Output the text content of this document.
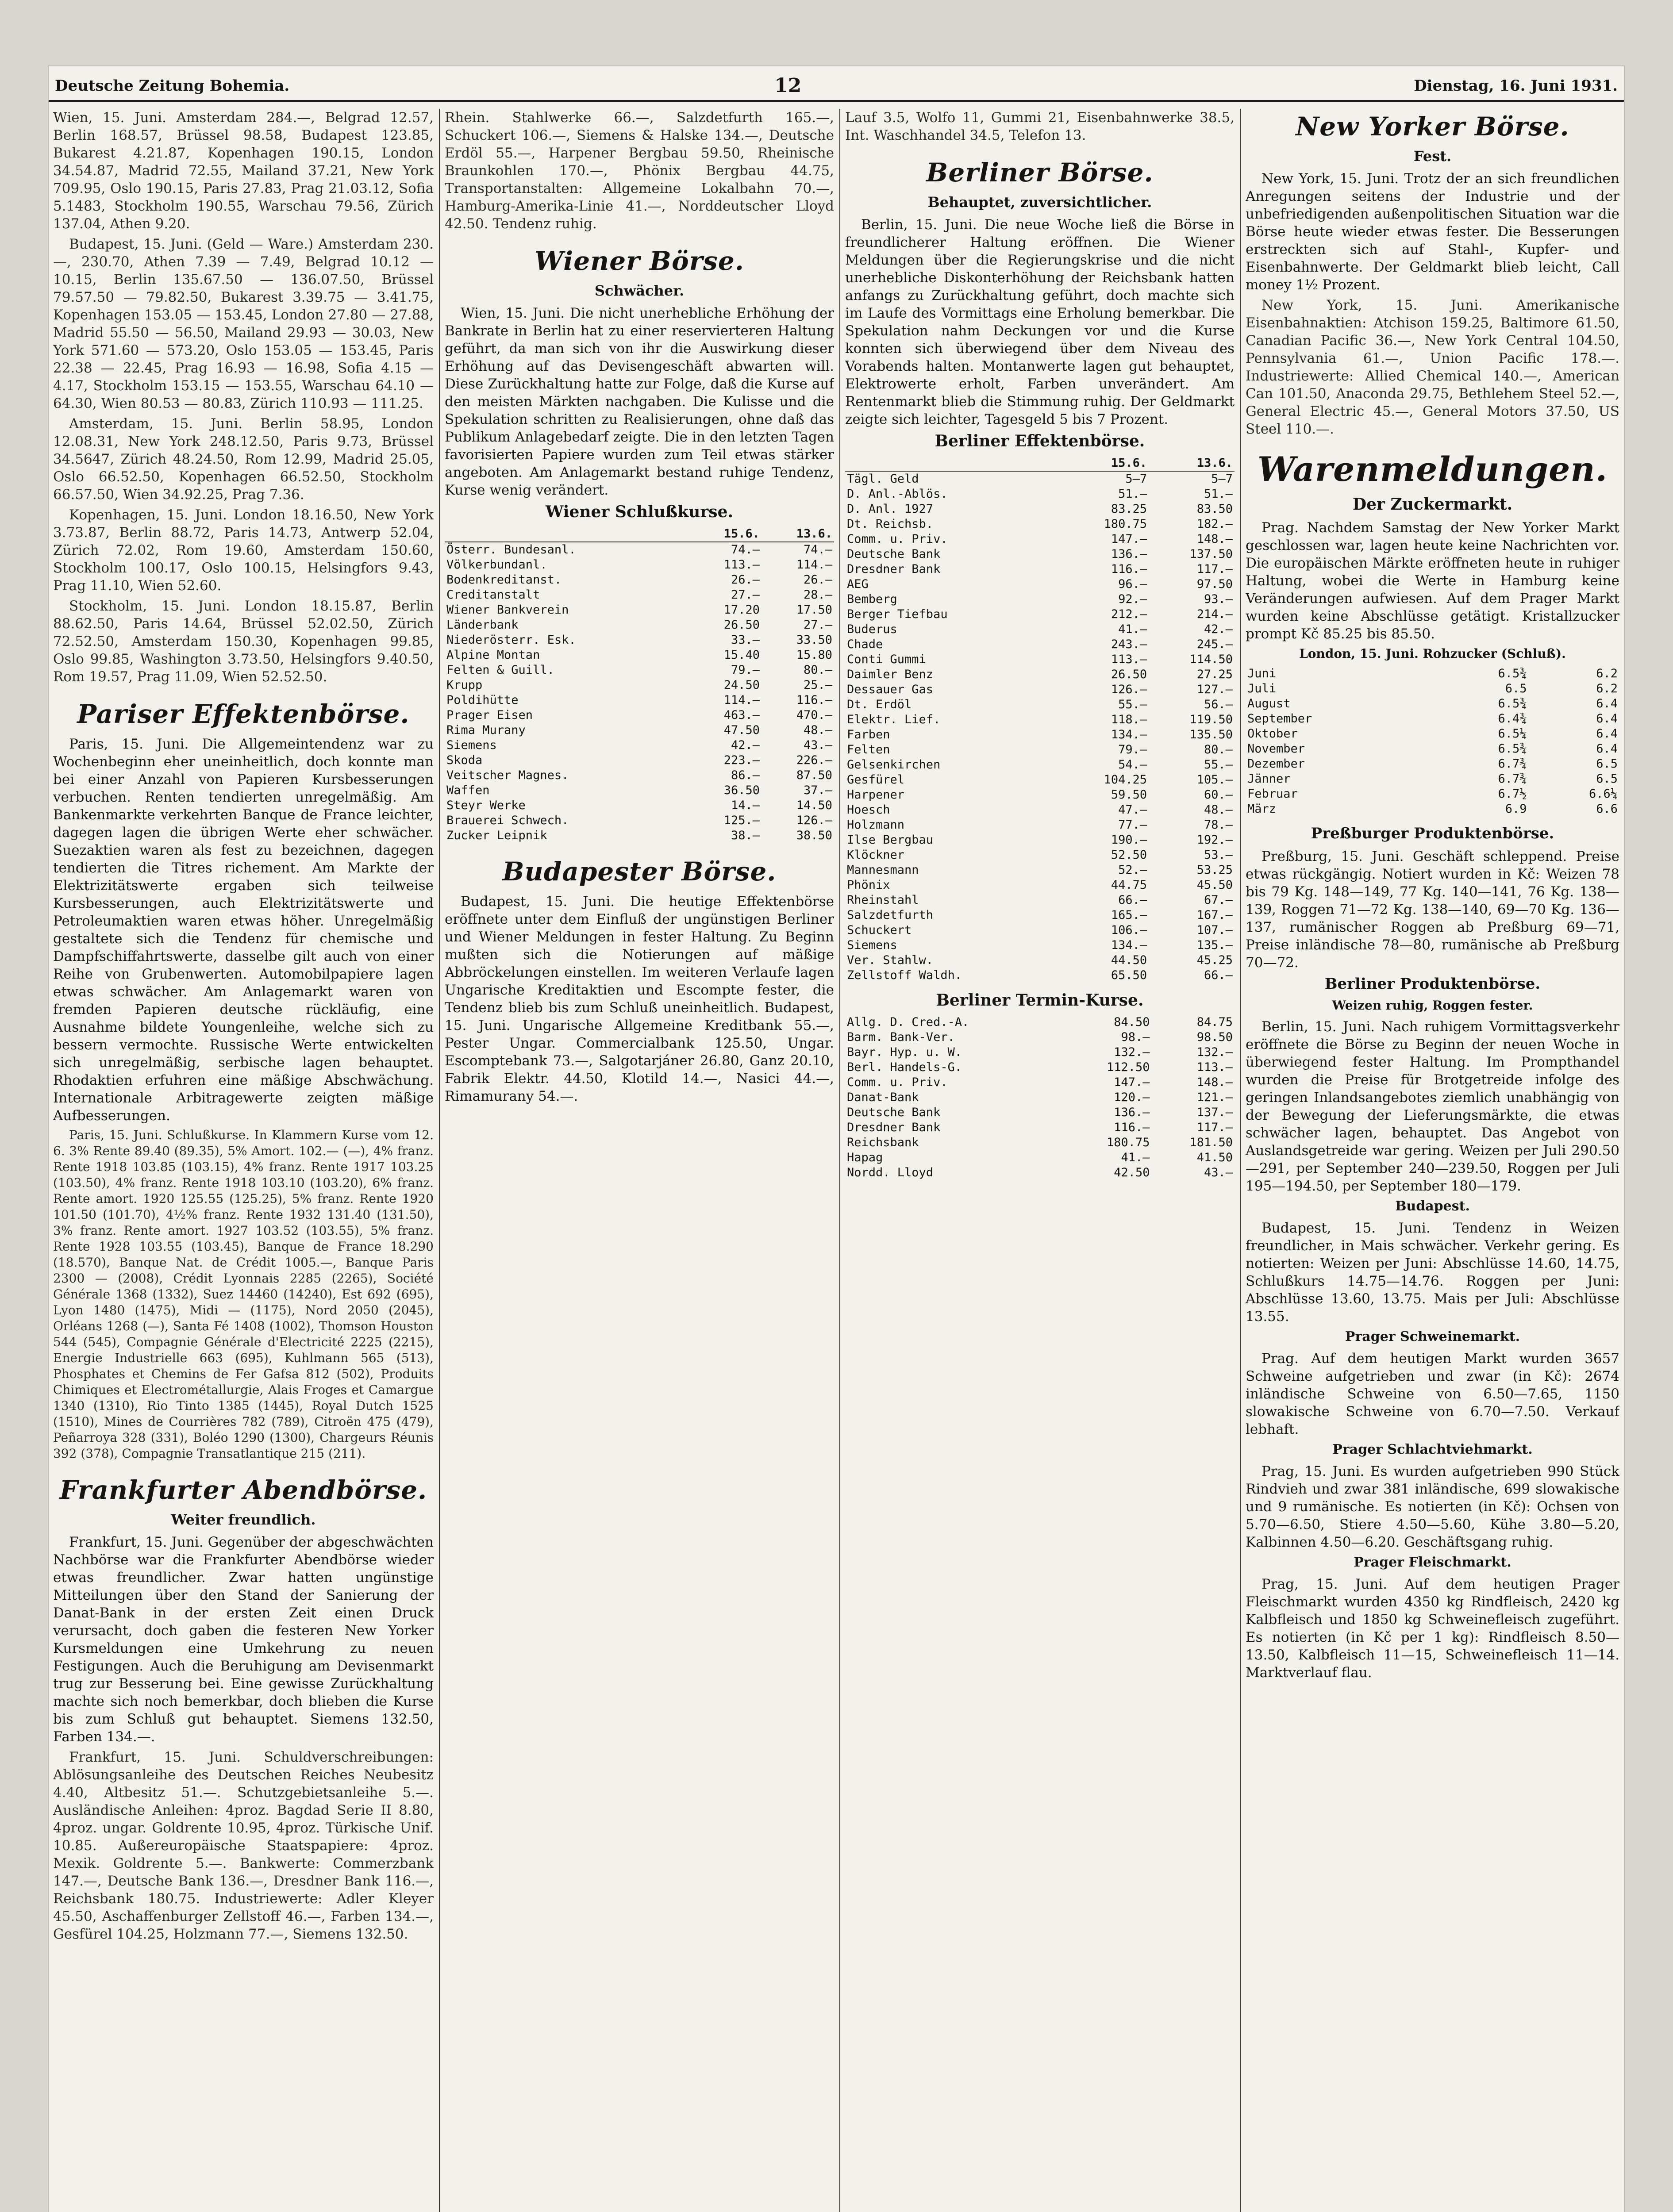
Deutsche Zeitung Bohemia.	12	Dienstag, 16. Juni 1931.

Wien, 15. Juni. Amsterdam 284.—, Belgrad 12.57, Berlin 168.57, Brüssel 98.58, Budapest 123.85, Bukarest 4.21.87, Kopenhagen 190.15, London 34.54.87, Madrid 72.55, Mailand 37.21, New York 709.95, Oslo 190.15, Paris 27.83, Prag 21.03.12, Sofia 5.1483, Stockholm 190.55, Warschau 79.56, Zürich 137.04, Athen 9.20.

Budapest, 15. Juni. (Geld — Ware.) Amsterdam 230.—, 230.70, Athen 7.39 — 7.49, Belgrad 10.12 — 10.15, Berlin 135.67.50 — 136.07.50, Brüssel 79.57.50 — 79.82.50, Bukarest 3.39.75 — 3.41.75, Kopenhagen 153.05 — 153.45, London 27.80 — 27.88, Madrid 55.50 — 56.50, Mailand 29.93 — 30.03, New York 571.60 — 573.20, Oslo 153.05 — 153.45, Paris 22.38 — 22.45, Prag 16.93 — 16.98, Sofia 4.15 — 4.17, Stockholm 153.15 — 153.55, Warschau 64.10 — 64.30, Wien 80.53 — 80.83, Zürich 110.93 — 111.25.

Amsterdam, 15. Juni. Berlin 58.95, London 12.08.31, New York 248.12.50, Paris 9.73, Brüssel 34.5647, Zürich 48.24.50, Rom 12.99, Madrid 25.05, Oslo 66.52.50, Kopenhagen 66.52.50, Stockholm 66.57.50, Wien 34.92.25, Prag 7.36.

Kopenhagen, 15. Juni. London 18.16.50, New York 3.73.87, Berlin 88.72, Paris 14.73, Antwerp 52.04, Zürich 72.02, Rom 19.60, Amsterdam 150.60, Stockholm 100.17, Oslo 100.15, Helsingfors 9.43, Prag 11.10, Wien 52.60.

Stockholm, 15. Juni. London 18.15.87, Berlin 88.62.50, Paris 14.64, Brüssel 52.02.50, Zürich 72.52.50, Amsterdam 150.30, Kopenhagen 99.85, Oslo 99.85, Washington 3.73.50, Helsingfors 9.40.50, Rom 19.57, Prag 11.09, Wien 52.52.50.

Pariser Effektenbörse.

Paris, 15. Juni. Die Allgemeintendenz war zu Wochenbeginn eher uneinheitlich, doch konnte man bei einer Anzahl von Papieren Kursbesserungen verbuchen. Renten tendierten unregelmäßig. Am Bankenmarkte verkehrten Banque de France leichter, dagegen lagen die übrigen Werte eher schwächer. Suezaktien waren als fest zu bezeichnen, dagegen tendierten die Titres richement. Am Markte der Elektrizitätswerte ergaben sich teilweise Kursbesserungen, auch Elektrizitätswerte und Petroleumaktien waren etwas höher. Unregelmäßig gestaltete sich die Tendenz für chemische und Dampfschiffahrtswerte, dasselbe gilt auch von einer Reihe von Grubenwerten. Automobilpapiere lagen etwas schwächer. Am Anlagemarkt waren von fremden Papieren deutsche rückläufig, eine Ausnahme bildete Youngenleihe, welche sich zu bessern vermochte. Russische Werte entwickelten sich unregelmäßig, serbische lagen behauptet. Rhodaktien erfuhren eine mäßige Abschwächung. Internationale Arbitragewerte zeigten mäßige Aufbesserungen.

Paris, 15. Juni. Schlußkurse. In Klammern Kurse vom 12. 6. 3% Rente 89.40 (89.35), 5% Amort. 102.— (—), 4% franz. Rente 1918 103.85 (103.15), 4% franz. Rente 1917 103.25 (103.50), 4% franz. Rente 1918 103.10 (103.20), 6% franz. Rente amort. 1920 125.55 (125.25), 5% franz. Rente 1920 101.50 (101.70), 4½% franz. Rente 1932 131.40 (131.50), 3% franz. Rente amort. 1927 103.52 (103.55), 5% franz. Rente 1928 103.55 (103.45), Banque de France 18.290 (18.570), Banque Nat. de Crédit 1005.—, Banque Paris 2300 — (2008), Crédit Lyonnais 2285 (2265), Société Générale 1368 (1332), Suez 14460 (14240), Est 692 (695), Lyon 1480 (1475), Midi — (1175), Nord 2050 (2045), Orléans 1268 (—), Santa Fé 1408 (1002), Thomson Houston 544 (545), Compagnie Générale d'Electricité 2225 (2215), Energie Industrielle 663 (695), Kuhlmann 565 (513), Phosphates et Chemins de Fer Gafsa 812 (502), Produits Chimiques et Electrométallurgie, Alais Froges et Camargue 1340 (1310), Rio Tinto 1385 (1445), Royal Dutch 1525 (1510), Mines de Courrières 782 (789), Citroën 475 (479), Peñarroya 328 (331), Boléo 1290 (1300), Chargeurs Réunis 392 (378), Compagnie Transatlantique 215 (211).

Frankfurter Abendbörse.
Weiter freundlich.

Frankfurt, 15. Juni. Gegenüber der abgeschwächten Nachbörse war die Frankfurter Abendbörse wieder etwas freundlicher. Zwar hatten ungünstige Mitteilungen über den Stand der Sanierung der Danat-Bank in der ersten Zeit einen Druck verursacht, doch gaben die festeren New Yorker Kursmeldungen eine Umkehrung zu neuen Festigungen. Auch die Beruhigung am Devisenmarkt trug zur Besserung bei. Eine gewisse Zurückhaltung machte sich noch bemerkbar, doch blieben die Kurse bis zum Schluß gut behauptet. Siemens 132.50, Farben 134.—.

Frankfurt, 15. Juni. Schuldverschreibungen: Ablösungsanleihe des Deutschen Reiches Neubesitz 4.40, Altbesitz 51.—. Schutzgebietsanleihe 5.—. Ausländische Anleihen: 4proz. Bagdad Serie II 8.80, 4proz. ungar. Goldrente 10.95, 4proz. Türkische Unif. 10.85. Außereuropäische Staatspapiere: 4proz. Mexik. Goldrente 5.—. Bankwerte: Commerzbank 147.—, Deutsche Bank 136.—, Dresdner Bank 116.—, Reichsbank 180.75. Industriewerte: Adler Kleyer 45.50, Aschaffenburger Zellstoff 46.—, Farben 134.—, Gesfürel 104.25, Holzmann 77.—, Siemens 132.50.

Rhein. Stahlwerke 66.—, Salzdetfurth 165.—, Schuckert 106.—, Siemens & Halske 134.—, Deutsche Erdöl 55.—, Harpener Bergbau 59.50, Rheinische Braunkohlen 170.—, Phönix Bergbau 44.75, Transportanstalten: Allgemeine Lokalbahn 70.—, Hamburg-Amerika-Linie 41.—, Norddeutscher Lloyd 42.50. Tendenz ruhig.

Wiener Börse.
Schwächer.

Wien, 15. Juni. Die nicht unerhebliche Erhöhung der Bankrate in Berlin hat zu einer reservierteren Haltung geführt, da man sich von ihr die Auswirkung dieser Erhöhung auf das Devisengeschäft abwarten will. Diese Zurückhaltung hatte zur Folge, daß die Kurse auf den meisten Märkten nachgaben. Die Kulisse und die Spekulation schritten zu Realisierungen, ohne daß das Publikum Anlagebedarf zeigte. Die in den letzten Tagen favorisierten Papiere wurden zum Teil etwas stärker angeboten. Am Anlagemarkt bestand ruhige Tendenz, Kurse wenig verändert.

Wiener Schlußkurse.
	15.6.	13.6.
Österr. Bundesanl.	74.—	74.—
Völkerbundanl.	113.—	114.—
Bodenkreditanst.	26.—	26.—
Creditanstalt	27.—	28.—
Wiener Bankverein	17.20	17.50
Länderbank	26.50	27.—
Niederösterr. Esk.	33.—	33.50
Alpine Montan	15.40	15.80
Felten & Guill.	79.—	80.—
Krupp	24.50	25.—
Poldihütte	114.—	116.—
Prager Eisen	463.—	470.—
Rima Murany	47.50	48.—
Siemens	42.—	43.—
Skoda	223.—	226.—
Veitscher Magnes.	86.—	87.50
Waffen	36.50	37.—
Steyr Werke	14.—	14.50
Brauerei Schwech.	125.—	126.—
Zucker Leipnik	38.—	38.50
Budapester Börse.

Budapest, 15. Juni. Die heutige Effektenbörse eröffnete unter dem Einfluß der ungünstigen Berliner und Wiener Meldungen in fester Haltung. Zu Beginn mußten sich die Notierungen auf mäßige Abbröckelungen einstellen. Im weiteren Verlaufe lagen Ungarische Kreditaktien und Escompte fester, die Tendenz blieb bis zum Schluß uneinheitlich. Budapest, 15. Juni. Ungarische Allgemeine Kreditbank 55.—, Pester Ungar. Commercialbank 125.50, Ungar. Escomptebank 73.—, Salgotarjáner 26.80, Ganz 20.10, Fabrik Elektr. 44.50, Klotild 14.—, Nasici 44.—, Rimamurany 54.—.

Lauf 3.5, Wolfo 11, Gummi 21, Eisenbahnwerke 38.5, Int. Waschhandel 34.5, Telefon 13.

Berliner Börse.
Behauptet, zuversichtlicher.

Berlin, 15. Juni. Die neue Woche ließ die Börse in freundlicherer Haltung eröffnen. Die Wiener Meldungen über die Regierungskrise und die nicht unerhebliche Diskonterhöhung der Reichsbank hatten anfangs zu Zurückhaltung geführt, doch machte sich im Laufe des Vormittags eine Erholung bemerkbar. Die Spekulation nahm Deckungen vor und die Kurse konnten sich überwiegend über dem Niveau des Vorabends halten. Montanwerte lagen gut behauptet, Elektrowerte erholt, Farben unverändert. Am Rentenmarkt blieb die Stimmung ruhig. Der Geldmarkt zeigte sich leichter, Tagesgeld 5 bis 7 Prozent.

Berliner Effektenbörse.
	15.6.	13.6.
Tägl. Geld	5—7	5—7
D. Anl.-Ablös.	51.—	51.—
D. Anl. 1927	83.25	83.50
Dt. Reichsb.	180.75	182.—
Comm. u. Priv.	147.—	148.—
Deutsche Bank	136.—	137.50
Dresdner Bank	116.—	117.—
AEG	96.—	97.50
Bemberg	92.—	93.—
Berger Tiefbau	212.—	214.—
Buderus	41.—	42.—
Chade	243.—	245.—
Conti Gummi	113.—	114.50
Daimler Benz	26.50	27.25
Dessauer Gas	126.—	127.—
Dt. Erdöl	55.—	56.—
Elektr. Lief.	118.—	119.50
Farben	134.—	135.50
Felten	79.—	80.—
Gelsenkirchen	54.—	55.—
Gesfürel	104.25	105.—
Harpener	59.50	60.—
Hoesch	47.—	48.—
Holzmann	77.—	78.—
Ilse Bergbau	190.—	192.—
Klöckner	52.50	53.—
Mannesmann	52.—	53.25
Phönix	44.75	45.50
Rheinstahl	66.—	67.—
Salzdetfurth	165.—	167.—
Schuckert	106.—	107.—
Siemens	134.—	135.—
Ver. Stahlw.	44.50	45.25
Zellstoff Waldh.	65.50	66.—
Berliner Termin-Kurse.
Allg. D. Cred.-A.	84.50	84.75
Barm. Bank-Ver.	98.—	98.50
Bayr. Hyp. u. W.	132.—	132.—
Berl. Handels-G.	112.50	113.—
Comm. u. Priv.	147.—	148.—
Danat-Bank	120.—	121.—
Deutsche Bank	136.—	137.—
Dresdner Bank	116.—	117.—
Reichsbank	180.75	181.50
Hapag	41.—	41.50
Nordd. Lloyd	42.50	43.—
New Yorker Börse.
Fest.

New York, 15. Juni. Trotz der an sich freundlichen Anregungen seitens der Industrie und der unbefriedigenden außenpolitischen Situation war die Börse heute wieder etwas fester. Die Besserungen erstreckten sich auf Stahl-, Kupfer- und Eisenbahnwerte. Der Geldmarkt blieb leicht, Call money 1½ Prozent.

New York, 15. Juni. Amerikanische Eisenbahnaktien: Atchison 159.25, Baltimore 61.50, Canadian Pacific 36.—, New York Central 104.50, Pennsylvania 61.—, Union Pacific 178.—. Industriewerte: Allied Chemical 140.—, American Can 101.50, Anaconda 29.75, Bethlehem Steel 52.—, General Electric 45.—, General Motors 37.50, US Steel 110.—.

Warenmeldungen.
Der Zuckermarkt.

Prag. Nachdem Samstag der New Yorker Markt geschlossen war, lagen heute keine Nachrichten vor. Die europäischen Märkte eröffneten heute in ruhiger Haltung, wobei die Werte in Hamburg keine Veränderungen aufwiesen. Auf dem Prager Markt wurden keine Abschlüsse getätigt. Kristallzucker prompt Kč 85.25 bis 85.50.

London, 15. Juni. Rohzucker (Schluß).
Juni	6.5¾	6.2
Juli	6.5	6.2
August	6.5¾	6.4
September	6.4¾	6.4
Oktober	6.5¼	6.4
November	6.5¾	6.4
Dezember	6.7¾	6.5
Jänner	6.7¾	6.5
Februar	6.7½	6.6¼
März	6.9	6.6
Preßburger Produktenbörse.

Preßburg, 15. Juni. Geschäft schleppend. Preise etwas rückgängig. Notiert wurden in Kč: Weizen 78 bis 79 Kg. 148—149, 77 Kg. 140—141, 76 Kg. 138—139, Roggen 71—72 Kg. 138—140, 69—70 Kg. 136—137, rumänischer Roggen ab Preßburg 69—71, Preise inländische 78—80, rumänische ab Preßburg 70—72.

Berliner Produktenbörse.
Weizen ruhig, Roggen fester.

Berlin, 15. Juni. Nach ruhigem Vormittagsverkehr eröffnete die Börse zu Beginn der neuen Woche in überwiegend fester Haltung. Im Prompthandel wurden die Preise für Brotgetreide infolge des geringen Inlandsangebotes ziemlich unabhängig von der Bewegung der Lieferungsmärkte, die etwas schwächer lagen, behauptet. Das Angebot von Auslandsgetreide war gering. Weizen per Juli 290.50—291, per September 240—239.50, Roggen per Juli 195—194.50, per September 180—179.

Budapest.

Budapest, 15. Juni. Tendenz in Weizen freundlicher, in Mais schwächer. Verkehr gering. Es notierten: Weizen per Juni: Abschlüsse 14.60, 14.75, Schlußkurs 14.75—14.76. Roggen per Juni: Abschlüsse 13.60, 13.75. Mais per Juli: Abschlüsse 13.55.

Prager Schweinemarkt.

Prag. Auf dem heutigen Markt wurden 3657 Schweine aufgetrieben und zwar (in Kč): 2674 inländische Schweine von 6.50—7.65, 1150 slowakische Schweine von 6.70—7.50. Verkauf lebhaft.

Prager Schlachtviehmarkt.

Prag, 15. Juni. Es wurden aufgetrieben 990 Stück Rindvieh und zwar 381 inländische, 699 slowakische und 9 rumänische. Es notierten (in Kč): Ochsen von 5.70—6.50, Stiere 4.50—5.60, Kühe 3.80—5.20, Kalbinnen 4.50—6.20. Geschäftsgang ruhig.

Prager Fleischmarkt.

Prag, 15. Juni. Auf dem heutigen Prager Fleischmarkt wurden 4350 kg Rindfleisch, 2420 kg Kalbfleisch und 1850 kg Schweinefleisch zugeführt. Es notierten (in Kč per 1 kg): Rindfleisch 8.50—13.50, Kalbfleisch 11—15, Schweinefleisch 11—14. Marktverlauf flau.
